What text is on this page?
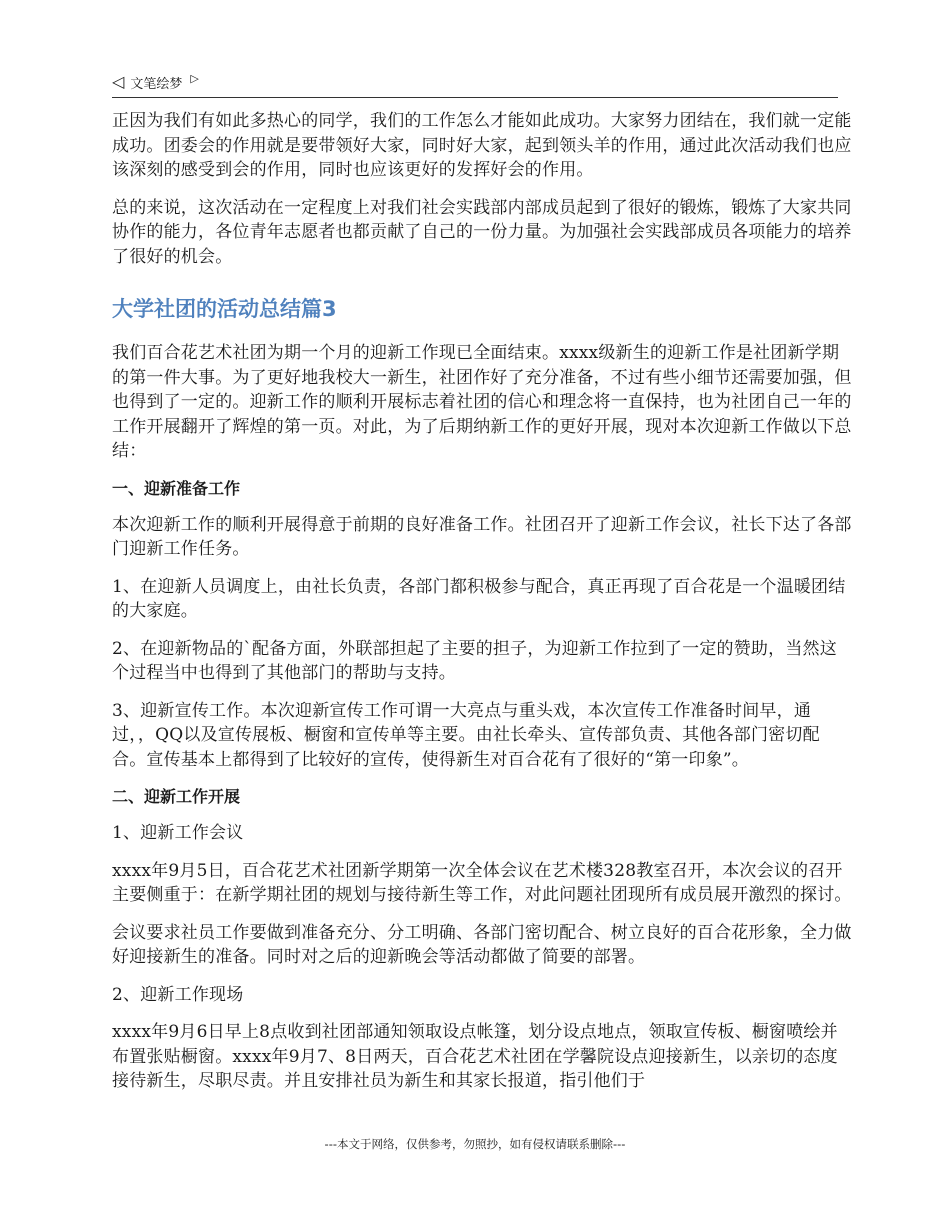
◁ 文笔绘梦 ▷

正因为我们有如此多热心的同学，我们的工作怎么才能如此成功。大家努力团结在，我们就一定能成功。团委会的作用就是要带领好大家，同时好大家，起到领头羊的作用，通过此次活动我们也应该深刻的感受到会的作用，同时也应该更好的发挥好会的作用。

总的来说，这次活动在一定程度上对我们社会实践部内部成员起到了很好的锻炼，锻炼了大家共同协作的能力，各位青年志愿者也都贡献了自己的一份力量。为加强社会实践部成员各项能力的培养了很好的机会。

大学社团的活动总结篇3

我们百合花艺术社团为期一个月的迎新工作现已全面结束。xxxx级新生的迎新工作是社团新学期的第一件大事。为了更好地我校大一新生，社团作好了充分准备，不过有些小细节还需要加强，但也得到了一定的。迎新工作的顺利开展标志着社团的信心和理念将一直保持，也为社团自己一年的工作开展翻开了辉煌的第一页。对此，为了后期纳新工作的更好开展，现对本次迎新工作做以下总结：

一、迎新准备工作

本次迎新工作的顺利开展得意于前期的良好准备工作。社团召开了迎新工作会议，社长下达了各部门迎新工作任务。

1、在迎新人员调度上，由社长负责，各部门都积极参与配合，真正再现了百合花是一个温暖团结的大家庭。

2、在迎新物品的`配备方面，外联部担起了主要的担子，为迎新工作拉到了一定的赞助，当然这个过程当中也得到了其他部门的帮助与支持。

3、迎新宣传工作。本次迎新宣传工作可谓一大亮点与重头戏，本次宣传工作准备时间早，通过，，QQ以及宣传展板、橱窗和宣传单等主要。由社长牵头、宣传部负责、其他各部门密切配合。宣传基本上都得到了比较好的宣传，使得新生对百合花有了很好的“第一印象”。

二、迎新工作开展

1、迎新工作会议

xxxx年9月5日，百合花艺术社团新学期第一次全体会议在艺术楼328教室召开，本次会议的召开主要侧重于：在新学期社团的规划与接待新生等工作，对此问题社团现所有成员展开激烈的探讨。

会议要求社员工作要做到准备充分、分工明确、各部门密切配合、树立良好的百合花形象，全力做好迎接新生的准备。同时对之后的迎新晚会等活动都做了简要的部署。

2、迎新工作现场

xxxx年9月6日早上8点收到社团部通知领取设点帐篷，划分设点地点，领取宣传板、橱窗喷绘并布置张贴橱窗。xxxx年9月7、8日两天，百合花艺术社团在学馨院设点迎接新生，以亲切的态度接待新生，尽职尽责。并且安排社员为新生和其家长报道，指引他们于

---本文于网络，仅供参考，勿照抄，如有侵权请联系删除---
